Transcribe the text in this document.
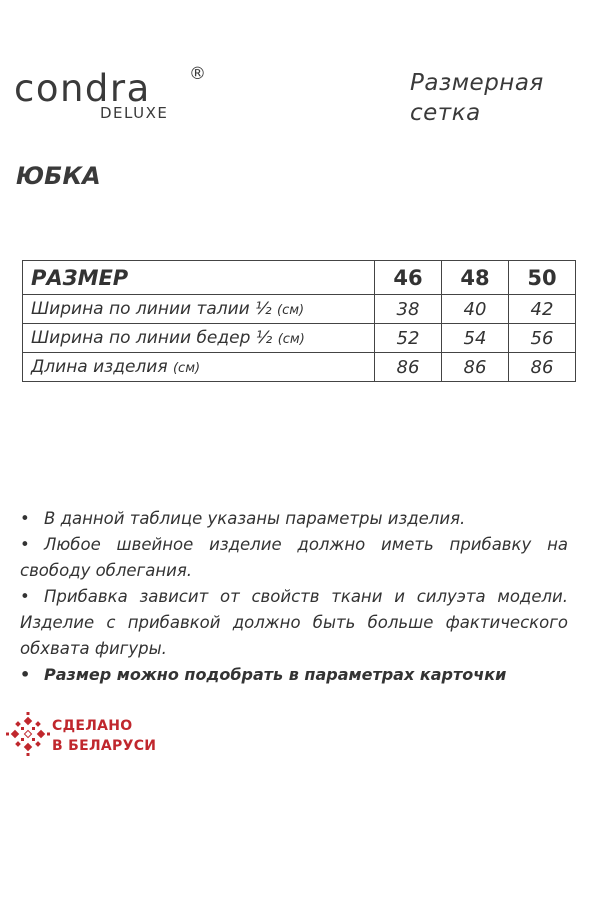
condra ®
DELUXE
Размерная
сетка
ЮБКА
РАЗМЕР	46	48	50
Ширина по линии талии ½ (см)	38	40	42
Ширина по линии бедер ½ (см)	52	54	56
Длина изделия (см)	86	86	86

• В данной таблице указаны параметры изделия.

• Любое швейное изделие должно иметь прибавку на свободу облегания.

• Прибавка зависит от свойств ткани и силуэта модели. Изделие с прибавкой должно быть больше фактического обхвата фигуры.

• Размер можно подобрать в параметрах карточки

СДЕЛАНО
В БЕЛАРУСИ
